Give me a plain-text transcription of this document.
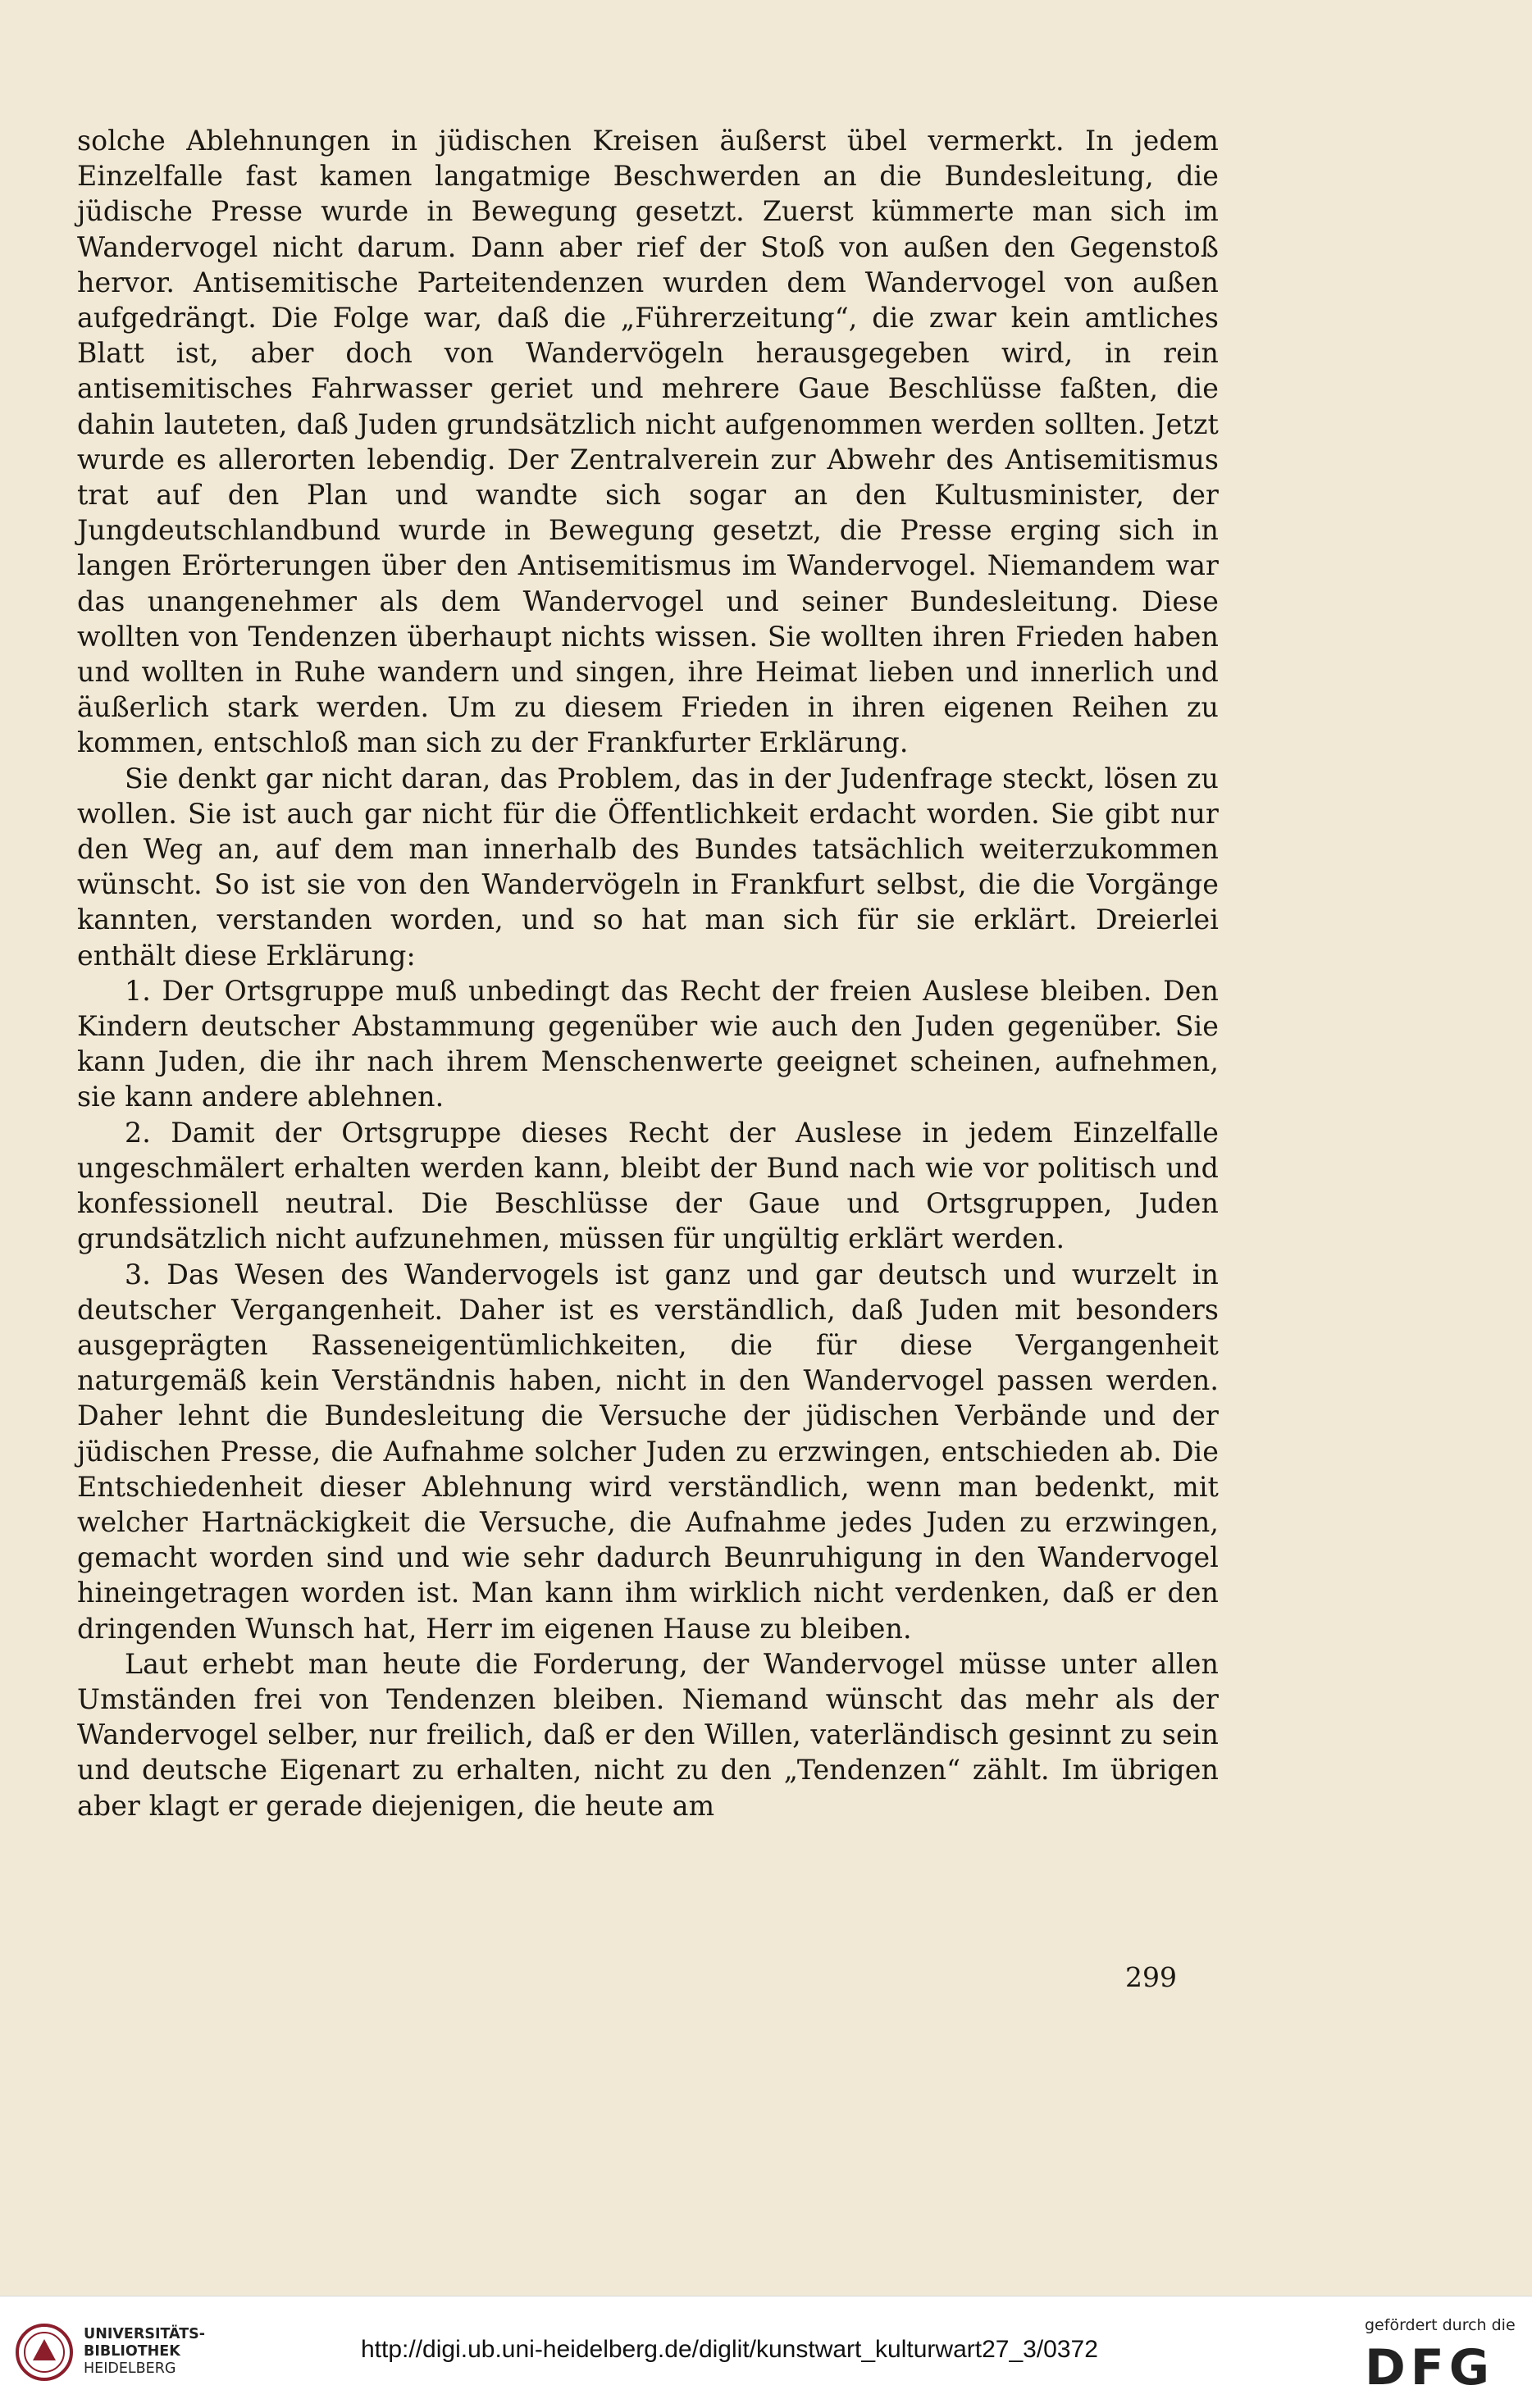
solche Ablehnungen in jüdischen Kreisen äußerst übel vermerkt. In jedem Einzelfalle fast kamen langatmige Beschwerden an die Bundesleitung, die jüdische Presse wurde in Bewegung gesetzt. Zuerst kümmerte man sich im Wandervogel nicht darum. Dann aber rief der Stoß von außen den Gegenstoß hervor. Antisemitische Parteitendenzen wurden dem Wandervogel von außen aufgedrängt. Die Folge war, daß die „Führerzeitung“, die zwar kein amtliches Blatt ist, aber doch von Wandervögeln herausgegeben wird, in rein antisemitisches Fahrwasser geriet und mehrere Gaue Beschlüsse faßten, die dahin lauteten, daß Juden grundsätzlich nicht aufgenommen werden sollten. Jetzt wurde es allerorten lebendig. Der Zentralverein zur Abwehr des Antisemitismus trat auf den Plan und wandte sich sogar an den Kultusminister, der Jungdeutschlandbund wurde in Bewegung gesetzt, die Presse erging sich in langen Erörterungen über den Antisemitismus im Wandervogel. Niemandem war das unangenehmer als dem Wandervogel und seiner Bundesleitung. Diese wollten von Tendenzen überhaupt nichts wissen. Sie wollten ihren Frieden haben und wollten in Ruhe wandern und singen, ihre Heimat lieben und innerlich und äußerlich stark werden. Um zu diesem Frieden in ihren eigenen Reihen zu kommen, entschloß man sich zu der Frankfurter Erklärung.

Sie denkt gar nicht daran, das Problem, das in der Judenfrage steckt, lösen zu wollen. Sie ist auch gar nicht für die Öffentlichkeit erdacht worden. Sie gibt nur den Weg an, auf dem man innerhalb des Bundes tatsächlich weiterzukommen wünscht. So ist sie von den Wandervögeln in Frankfurt selbst, die die Vorgänge kannten, verstanden worden, und so hat man sich für sie erklärt. Dreierlei enthält diese Erklärung:

1. Der Ortsgruppe muß unbedingt das Recht der freien Auslese bleiben. Den Kindern deutscher Abstammung gegenüber wie auch den Juden gegenüber. Sie kann Juden, die ihr nach ihrem Menschenwerte geeignet scheinen, aufnehmen, sie kann andere ablehnen.

2. Damit der Ortsgruppe dieses Recht der Auslese in jedem Einzelfalle ungeschmälert erhalten werden kann, bleibt der Bund nach wie vor politisch und konfessionell neutral. Die Beschlüsse der Gaue und Ortsgruppen, Juden grundsätzlich nicht aufzunehmen, müssen für ungültig erklärt werden.

3. Das Wesen des Wandervogels ist ganz und gar deutsch und wurzelt in deutscher Vergangenheit. Daher ist es verständlich, daß Juden mit besonders ausgeprägten Rasseneigentümlichkeiten, die für diese Vergangenheit naturgemäß kein Verständnis haben, nicht in den Wandervogel passen werden. Daher lehnt die Bundesleitung die Versuche der jüdischen Verbände und der jüdischen Presse, die Aufnahme solcher Juden zu erzwingen, entschieden ab. Die Entschiedenheit dieser Ablehnung wird verständlich, wenn man bedenkt, mit welcher Hartnäckigkeit die Versuche, die Aufnahme jedes Juden zu erzwingen, gemacht worden sind und wie sehr dadurch Beunruhigung in den Wandervogel hineingetragen worden ist. Man kann ihm wirklich nicht verdenken, daß er den dringenden Wunsch hat, Herr im eigenen Hause zu bleiben.

Laut erhebt man heute die Forderung, der Wandervogel müsse unter allen Umständen frei von Tendenzen bleiben. Niemand wünscht das mehr als der Wandervogel selber, nur freilich, daß er den Willen, vaterländisch gesinnt zu sein und deutsche Eigenart zu erhalten, nicht zu den „Tendenzen“ zählt. Im übrigen aber klagt er gerade diejenigen, die heute am

299
UNIVERSITÄTS-
BIBLIOTHEK
HEIDELBERG
http://digi.ub.uni-heidelberg.de/diglit/kunstwart_kulturwart27_3/0372
gefördert durch die
DFG
